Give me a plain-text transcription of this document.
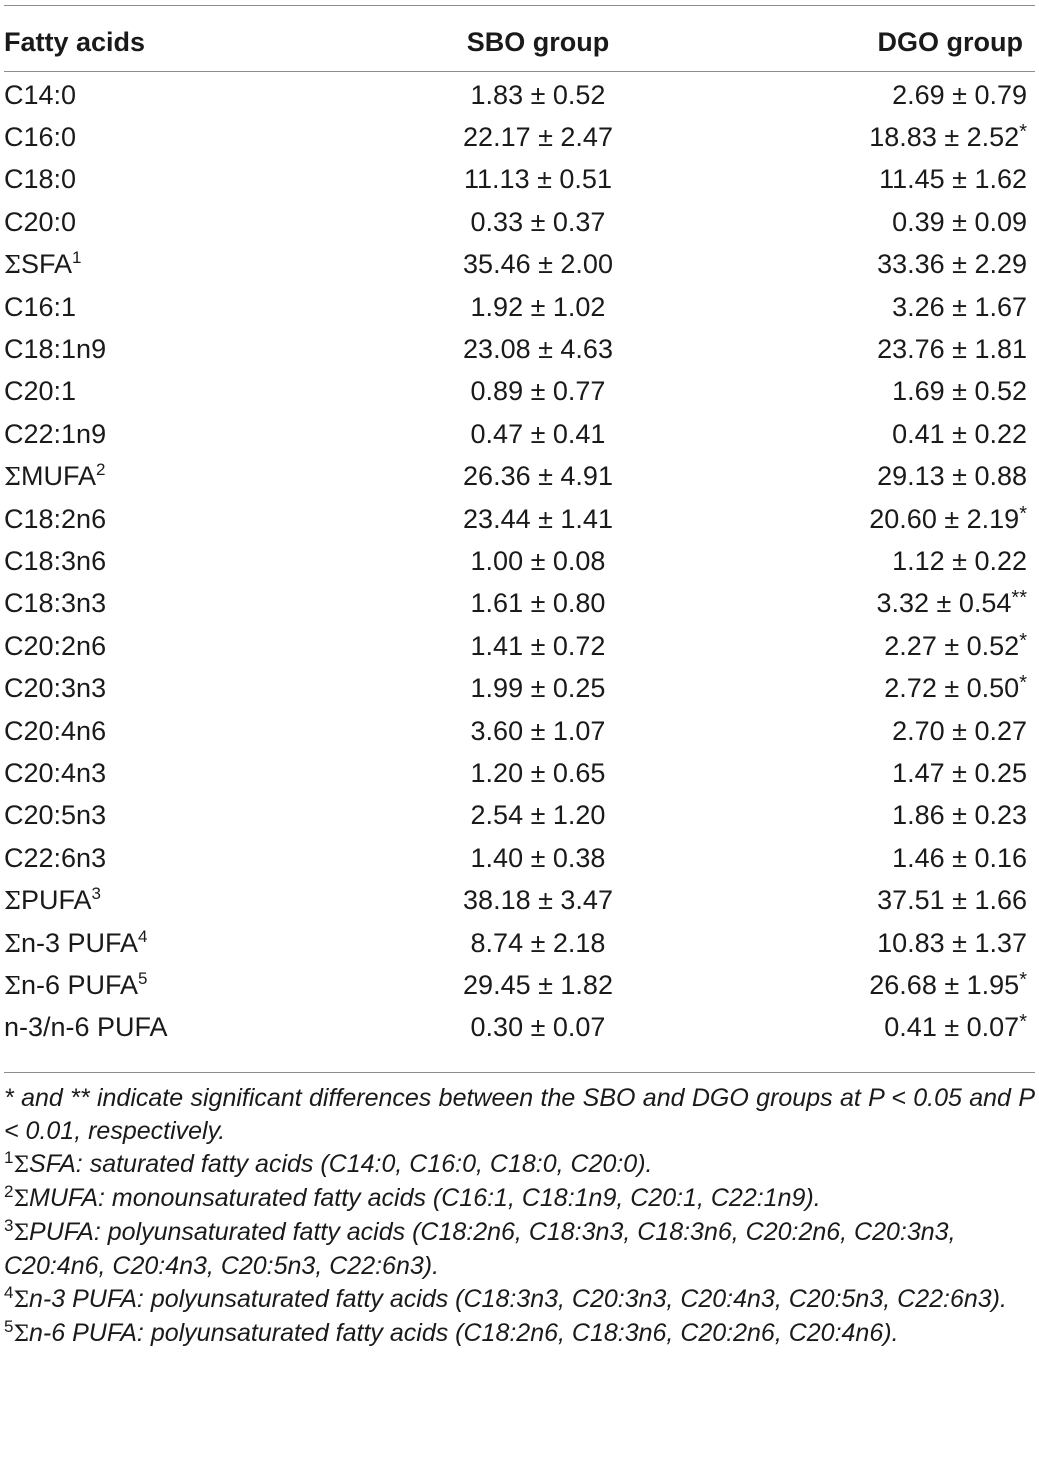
Fatty acids	SBO group	DGO group
C14:0	1.83 ± 0.52	2.69 ± 0.79
C16:0	22.17 ± 2.47	18.83 ± 2.52*
C18:0	11.13 ± 0.51	11.45 ± 1.62
C20:0	0.33 ± 0.37	0.39 ± 0.09
ΣSFA$^1$	35.46 ± 2.00	33.36 ± 2.29
C16:1	1.92 ± 1.02	3.26 ± 1.67
C18:1n9	23.08 ± 4.63	23.76 ± 1.81
C20:1	0.89 ± 0.77	1.69 ± 0.52
C22:1n9	0.47 ± 0.41	0.41 ± 0.22
ΣMUFA$^2$	26.36 ± 4.91	29.13 ± 0.88
C18:2n6	23.44 ± 1.41	20.60 ± 2.19*
C18:3n6	1.00 ± 0.08	1.12 ± 0.22
C18:3n3	1.61 ± 0.80	3.32 ± 0.54**
C20:2n6	1.41 ± 0.72	2.27 ± 0.52*
C20:3n3	1.99 ± 0.25	2.72 ± 0.50*
C20:4n6	3.60 ± 1.07	2.70 ± 0.27
C20:4n3	1.20 ± 0.65	1.47 ± 0.25
C20:5n3	2.54 ± 1.20	1.86 ± 0.23
C22:6n3	1.40 ± 0.38	1.46 ± 0.16
ΣPUFA$^3$	38.18 ± 3.47	37.51 ± 1.66
Σn-3 PUFA$^4$	8.74 ± 2.18	10.83 ± 1.37
Σn-6 PUFA$^5$	29.45 ± 1.82	26.68 ± 1.95*
n-3/n-6 PUFA	0.30 ± 0.07	0.41 ± 0.07*

* and ** indicate significant differences between the SBO and DGO groups at P < 0.05 and P < 0.01, respectively.

$^1$ΣSFA: saturated fatty acids (C14:0, C16:0, C18:0, C20:0).

$^2$ΣMUFA: monounsaturated fatty acids (C16:1, C18:1n9, C20:1, C22:1n9).

$^3$ΣPUFA: polyunsaturated fatty acids (C18:2n6, C18:3n3, C18:3n6, C20:2n6, C20:3n3,

C20:4n6, C20:4n3, C20:5n3, C22:6n3).

$^4$Σn-3 PUFA: polyunsaturated fatty acids (C18:3n3, C20:3n3, C20:4n3, C20:5n3, C22:6n3).

$^5$Σn-6 PUFA: polyunsaturated fatty acids (C18:2n6, C18:3n6, C20:2n6, C20:4n6).
